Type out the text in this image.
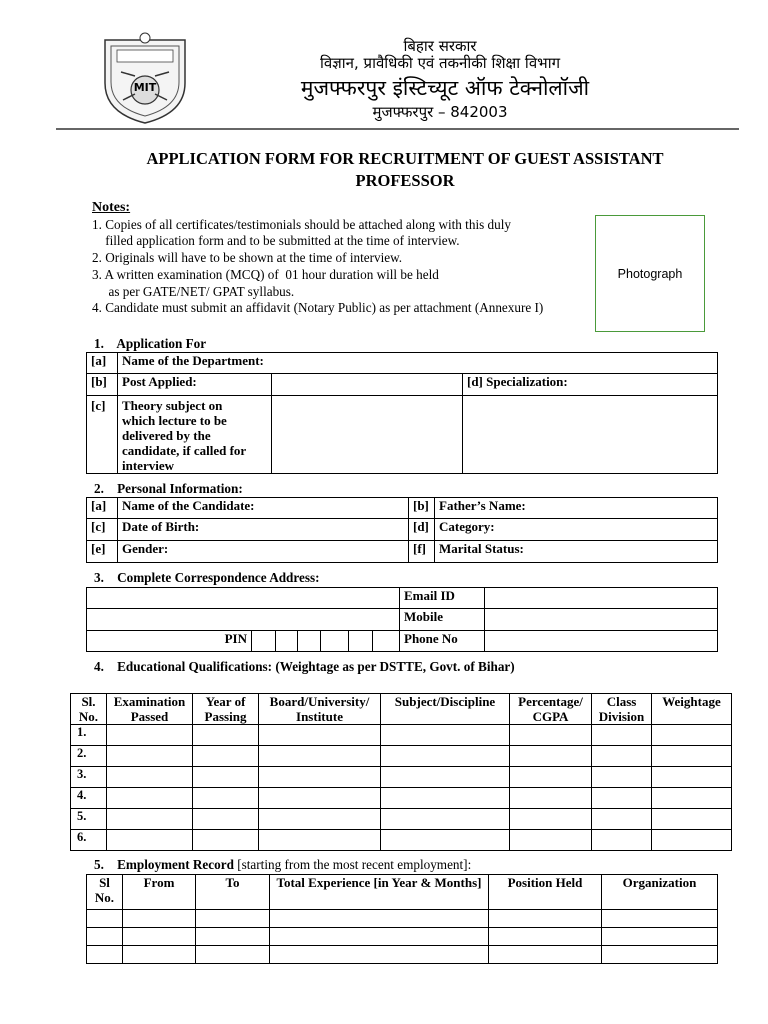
MIT
बिहार सरकार
विज्ञान, प्रावैधिकी एवं तकनीकी शिक्षा विभाग
मुजफ्फरपुर इंस्टिच्यूट ऑफ टेक्नोलॉजी
मुजफ्फरपुर – 842003
APPLICATION FORM FOR RECRUITMENT OF GUEST ASSISTANT
PROFESSOR
Notes:
1. Copies of all certificates/testimonials should be attached along with this duly
filled application form and to be submitted at the time of interview.
2. Originals will have to be shown at the time of interview.
3. A written examination (MCQ) of  01 hour duration will be held
as per GATE/NET/ GPAT syllabus.
4. Candidate must submit an affidavit (Notary Public) as per attachment (Annexure I)
Photograph
1.    Application For
[a]	Name of the Department:		
[b]	Post Applied:		[d] Specialization:
[c]	Theory subject on
which lecture to be
delivered by the
candidate, if called for
interview		

2.    Personal Information:
[a]	Name of the Candidate:	[b]	Father’s Name:
[c]	Date of Birth:	[d]	Category:
[e]	Gender:	[f]	Marital Status:
3.    Complete Correspondence Address:
								Email ID	
								Mobile	
	PIN							Phone No	
4.    Educational Qualifications: (Weightage as per DSTTE, Govt. of Bihar)
Sl. No.	Examination Passed	Year of Passing	Board/University/ Institute	Subject/Discipline	Percentage/ CGPA	Class Division	Weightage
1.							
2.							
3.							
4.							
5.							
6.							
5.    Employment Record [starting from the most recent employment]:
Sl No.	From	To	Total Experience [in Year & Months]	Position Held	Organization
